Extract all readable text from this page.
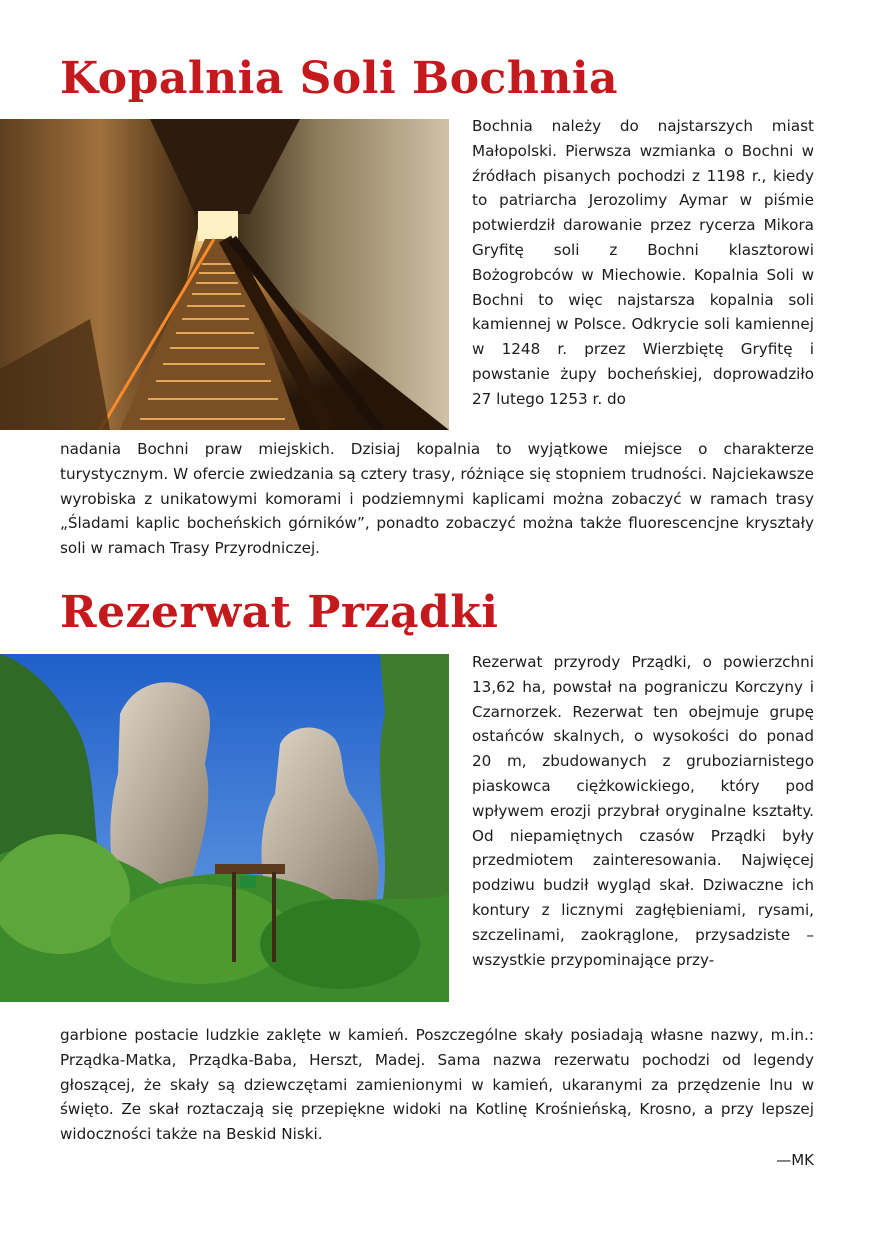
Kopalnia Soli Bochnia

Bochnia należy do najstarszych miast Małopolski. Pierwsza wzmianka o Bochni w źródłach pisanych pochodzi z 1198 r., kiedy to patriarcha Jerozolimy Aymar w piśmie potwierdził darowanie przez rycerza Mikora Gryfitę soli z Bochni klasztorowi Bożogrobców w Miechowie. Kopalnia Soli w Bochni to więc najstarsza kopalnia soli kamiennej w Polsce. Odkrycie soli kamiennej w 1248 r. przez Wierzbiętę Gryfitę i powstanie żupy bocheńskiej, doprowadziło 27 lutego 1253 r. do

nadania Bochni praw miejskich. Dzisiaj kopalnia to wyjątkowe miejsce o charakterze turystycznym. W ofercie zwiedzania są cztery trasy, różniące się stopniem trudności. Najciekawsze wyrobiska z unikatowymi komorami i podziemnymi kaplicami można zobaczyć w ramach trasy „Śladami kaplic bocheńskich górników”, ponadto zobaczyć można także fluorescencjne kryształy soli w ramach Trasy Przyrodniczej.

Rezerwat Prządki

Rezerwat przyrody Prządki, o powierzchni 13,62 ha, powstał na pograniczu Korczyny i Czarnorzek. Rezerwat ten obejmuje grupę ostańców skalnych, o wysokości do ponad 20 m, zbudowanych z gruboziarnistego piaskowca ciężkowickiego, który pod wpływem erozji przybrał oryginalne kształty. Od niepamiętnych czasów Prządki były przedmiotem zainteresowania. Najwięcej podziwu budził wygląd skał. Dziwaczne ich kontury z licznymi zagłębieniami, rysami, szczelinami, zaokrąglone, przysadziste – wszystkie przypominające przy-

garbione postacie ludzkie zaklęte w kamień. Poszczególne skały posiadają własne nazwy, m.in.: Prządka-Matka, Prządka-Baba, Herszt, Madej. Sama nazwa rezerwatu pochodzi od legendy głoszącej, że skały są dziewczętami zamienionymi w kamień, ukaranymi za przędzenie lnu w święto. Ze skał roztaczają się przepiękne widoki na Kotlinę Krośnieńską, Krosno, a przy lepszej widoczności także na Beskid Niski.

—MK
